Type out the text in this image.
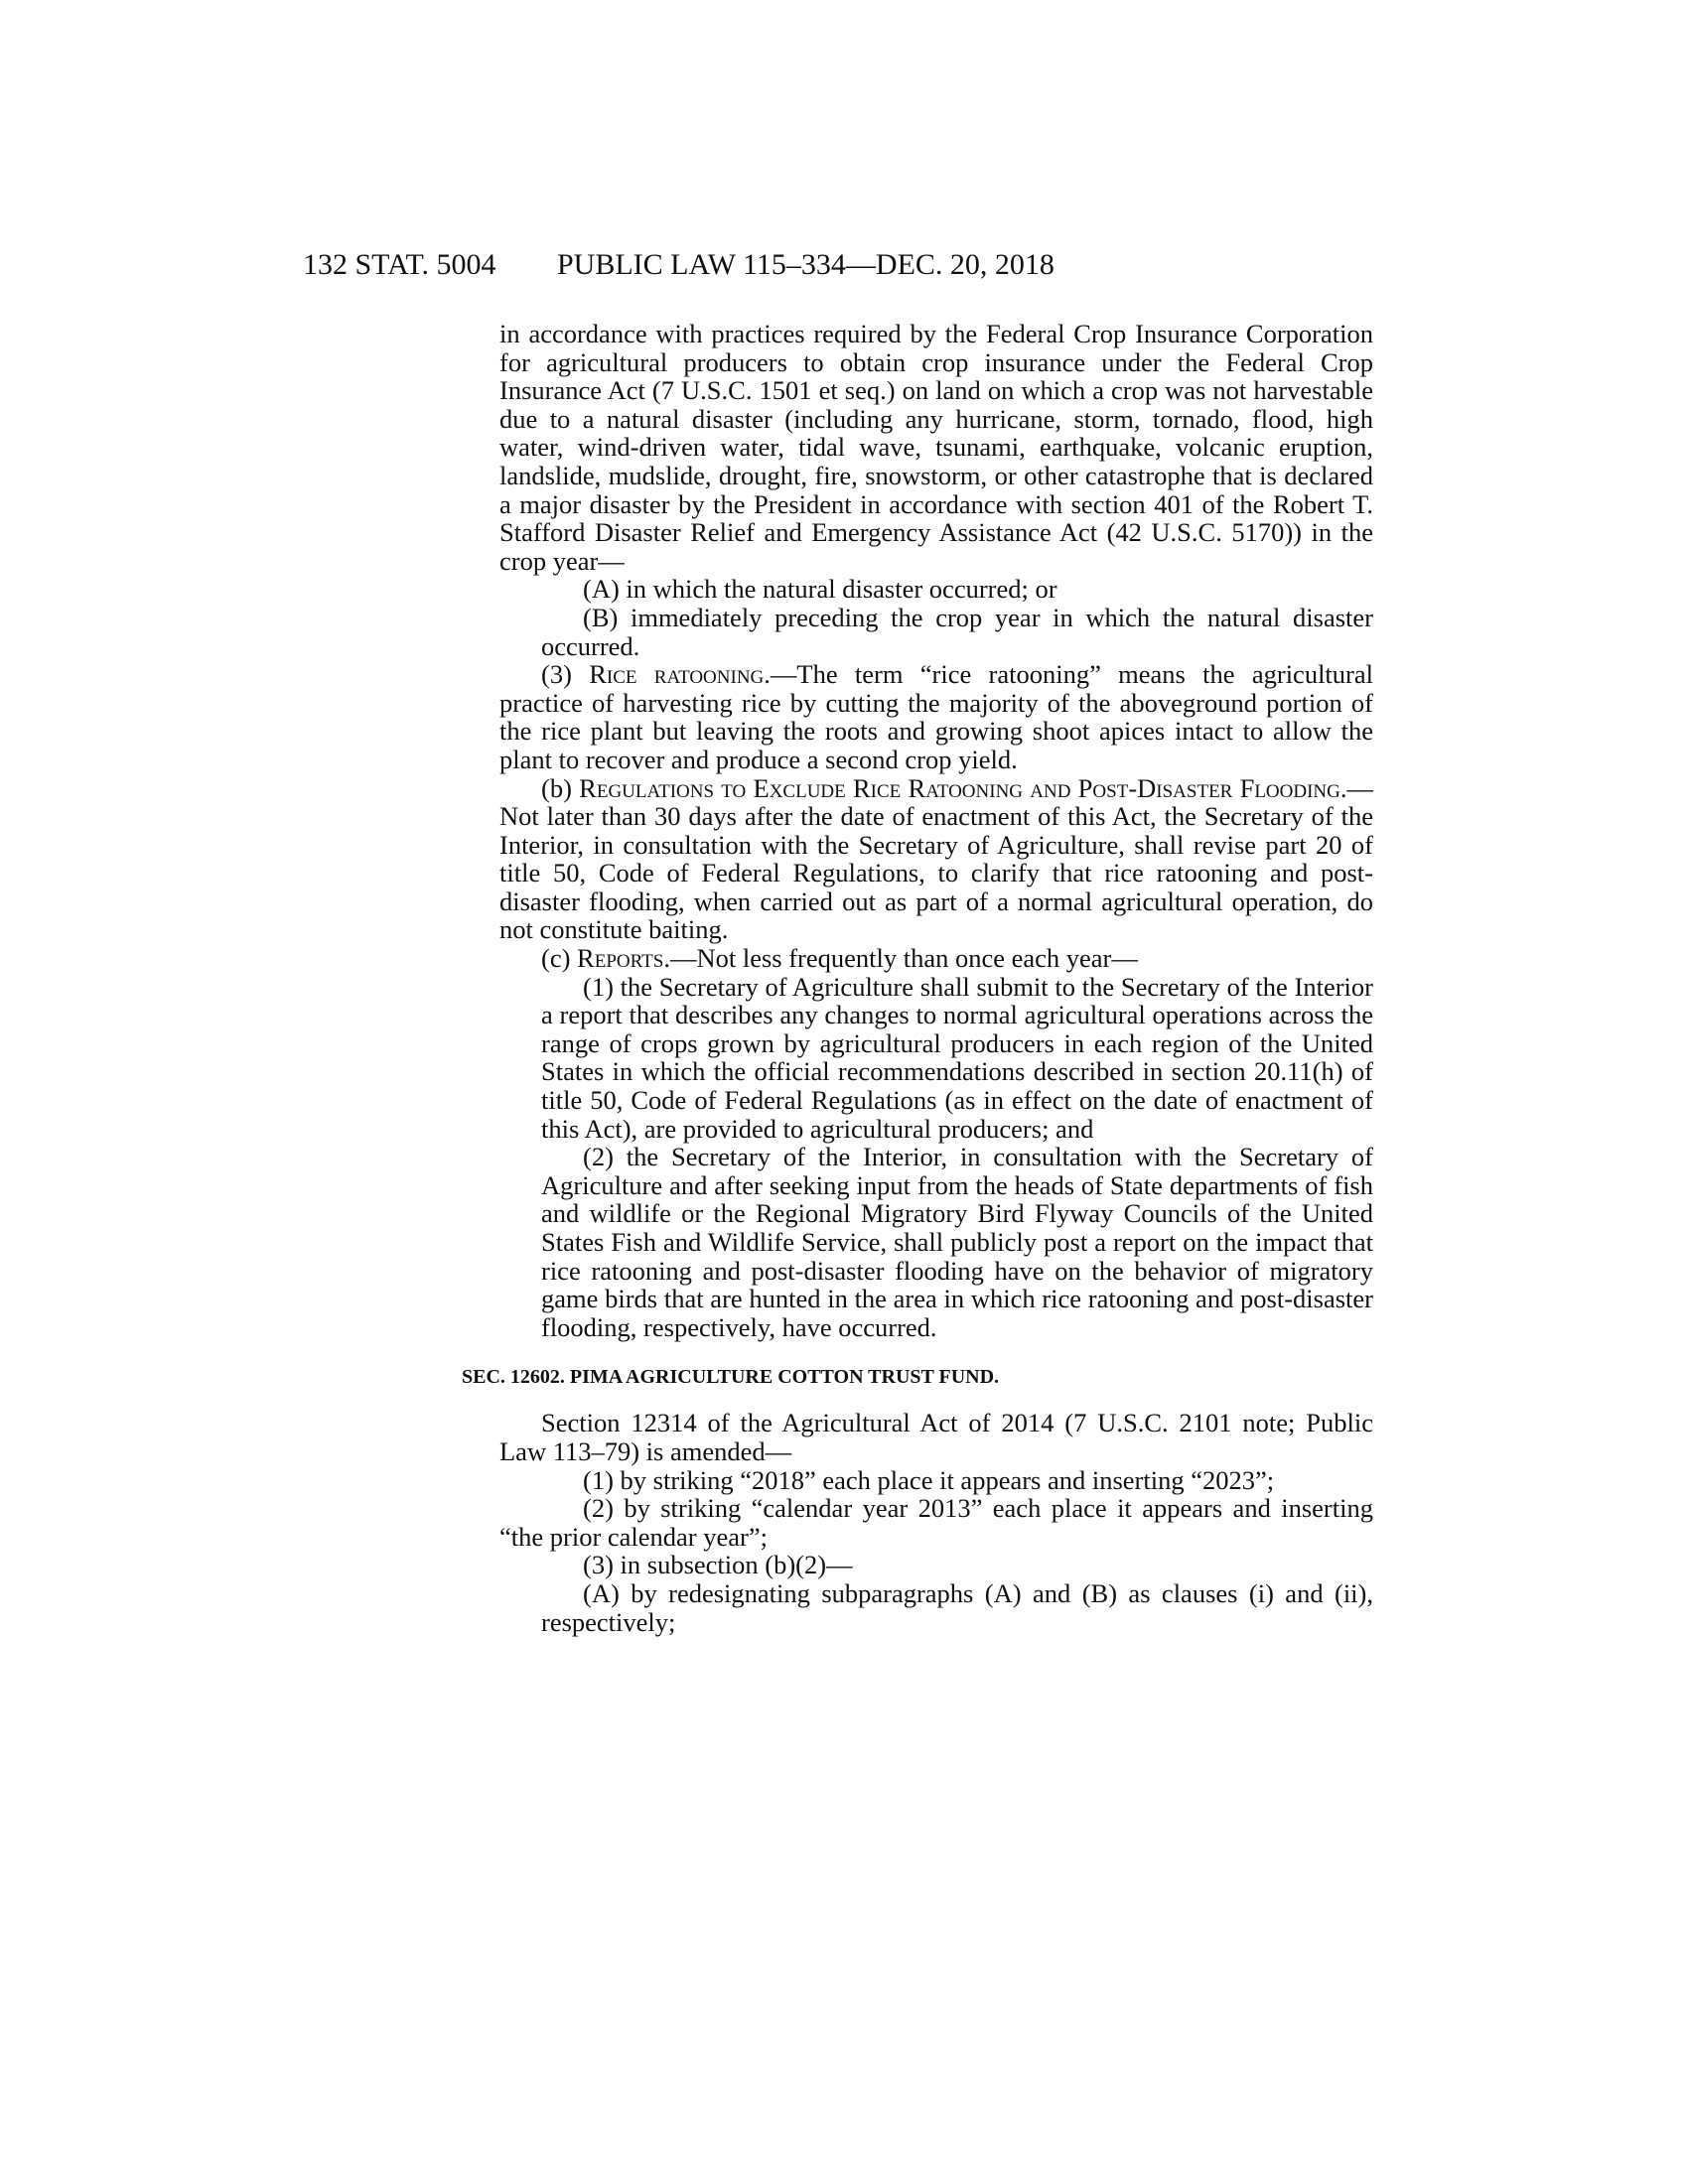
132 STAT. 5004 PUBLIC LAW 115–334—DEC. 20, 2018

in accordance with practices required by the Federal Crop Insurance Corporation for agricultural producers to obtain crop insurance under the Federal Crop Insurance Act (7 U.S.C. 1501 et seq.) on land on which a crop was not harvestable due to a natural disaster (including any hurricane, storm, tornado, flood, high water, wind-driven water, tidal wave, tsunami, earthquake, volcanic eruption, landslide, mudslide, drought, fire, snowstorm, or other catastrophe that is declared a major disaster by the President in accordance with section 401 of the Robert T. Stafford Disaster Relief and Emergency Assistance Act (42 U.S.C. 5170)) in the crop year—

(A) in which the natural disaster occurred; or

(B) immediately preceding the crop year in which the natural disaster occurred.

(3) Rice ratooning.—The term “rice ratooning” means the agricultural practice of harvesting rice by cutting the majority of the aboveground portion of the rice plant but leaving the roots and growing shoot apices intact to allow the plant to recover and produce a second crop yield.

(b) Regulations to Exclude Rice Ratooning and Post-Disaster Flooding.—Not later than 30 days after the date of enactment of this Act, the Secretary of the Interior, in consultation with the Secretary of Agriculture, shall revise part 20 of title 50, Code of Federal Regulations, to clarify that rice ratooning and post-disaster flooding, when carried out as part of a normal agricultural operation, do not constitute baiting.

(c) Reports.—Not less frequently than once each year—

(1) the Secretary of Agriculture shall submit to the Secretary of the Interior a report that describes any changes to normal agricultural operations across the range of crops grown by agricultural producers in each region of the United States in which the official recommendations described in section 20.11(h) of title 50, Code of Federal Regulations (as in effect on the date of enactment of this Act), are provided to agricultural producers; and

(2) the Secretary of the Interior, in consultation with the Secretary of Agriculture and after seeking input from the heads of State departments of fish and wildlife or the Regional Migratory Bird Flyway Councils of the United States Fish and Wildlife Service, shall publicly post a report on the impact that rice ratooning and post-disaster flooding have on the behavior of migratory game birds that are hunted in the area in which rice ratooning and post-disaster flooding, respectively, have occurred.

SEC. 12602. PIMA AGRICULTURE COTTON TRUST FUND.

Section 12314 of the Agricultural Act of 2014 (7 U.S.C. 2101 note; Public Law 113–79) is amended—

(1) by striking “2018” each place it appears and inserting “2023”;

(2) by striking “calendar year 2013” each place it appears and inserting “the prior calendar year”;

(3) in subsection (b)(2)—

(A) by redesignating subparagraphs (A) and (B) as clauses (i) and (ii), respectively;
